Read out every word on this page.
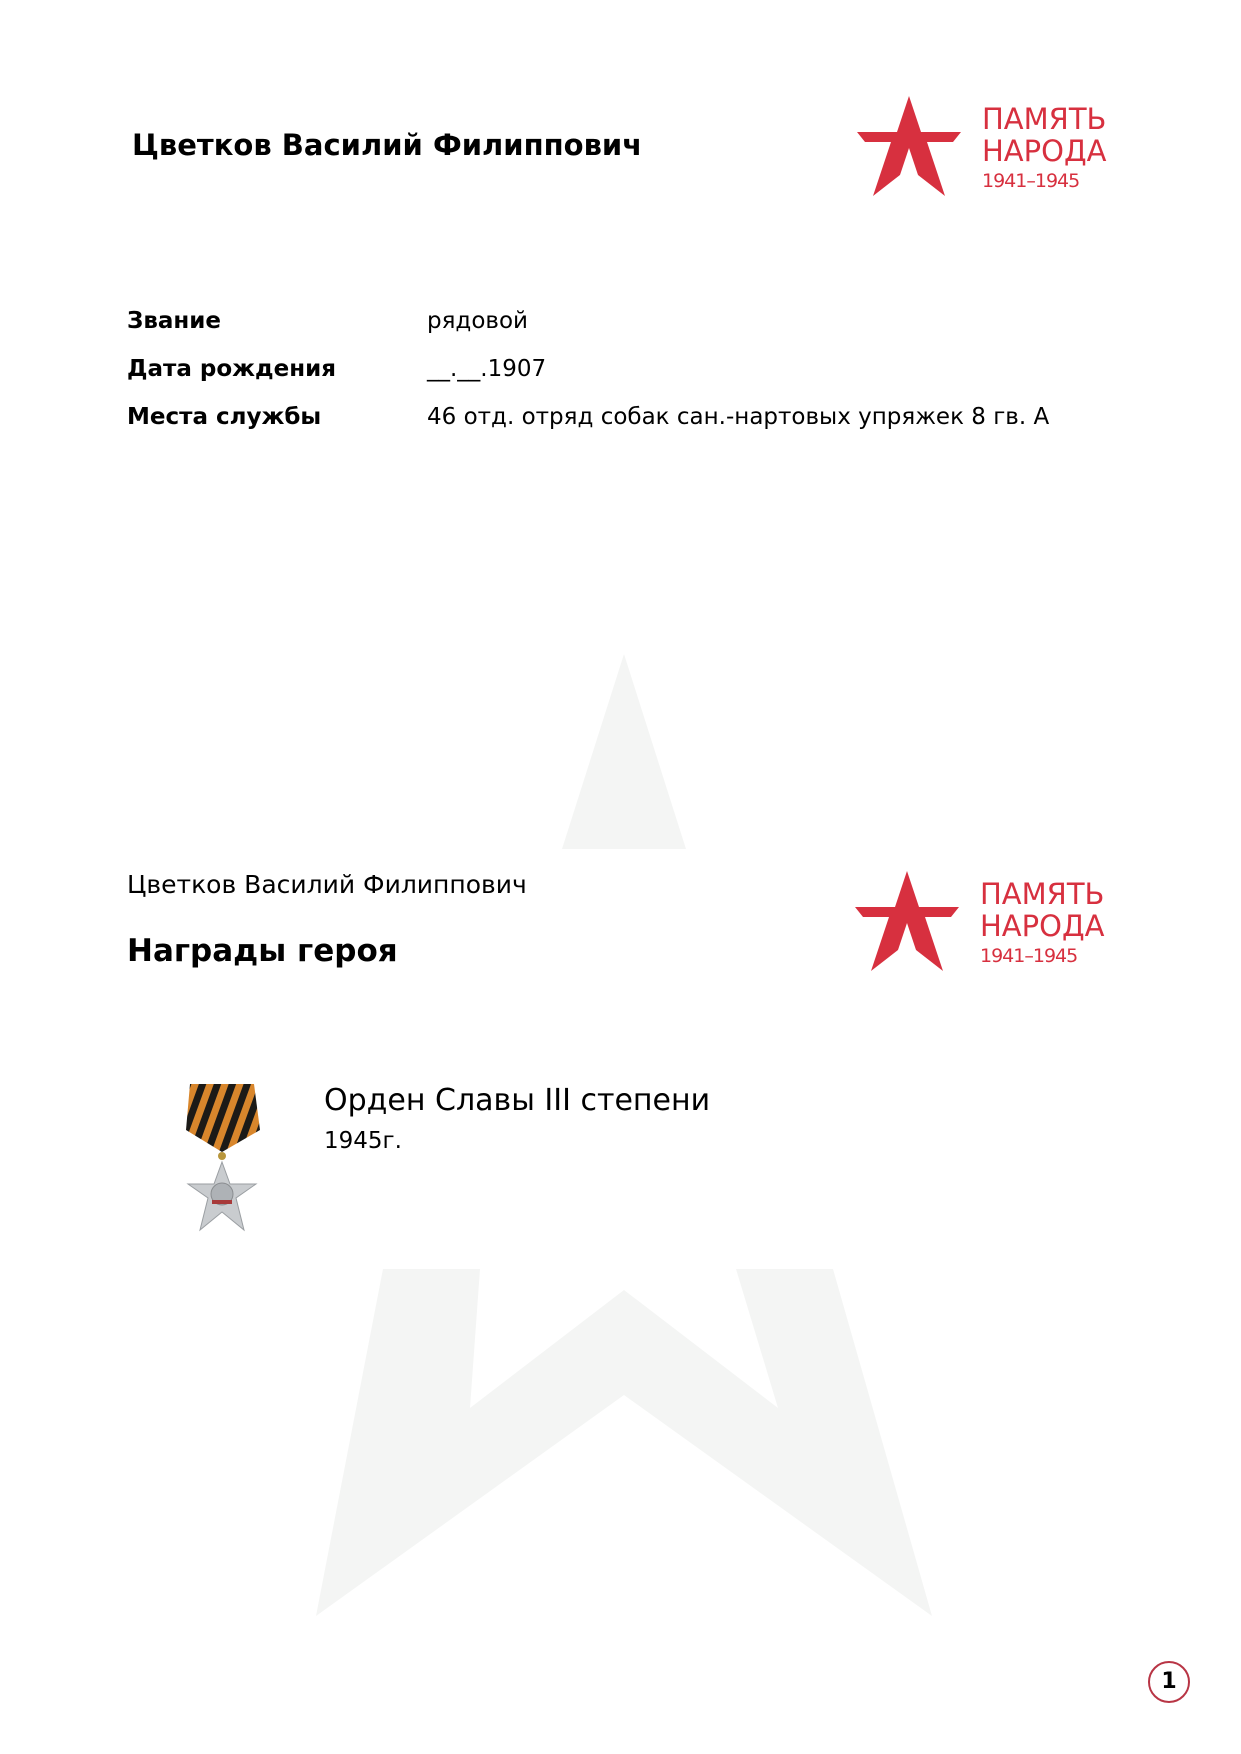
Цветков Василий Филиппович
ПАМЯТЬ
НАРОДА
1941–1945
Звание	рядовой
Дата рождения	__.__.1907
Места службы	46 отд. отряд собак сан.-нартовых упряжек 8 гв. А
Цветков Василий Филиппович
Награды героя
ПАМЯТЬ
НАРОДА
1941–1945
Орден Славы III степени
1945г.
1
